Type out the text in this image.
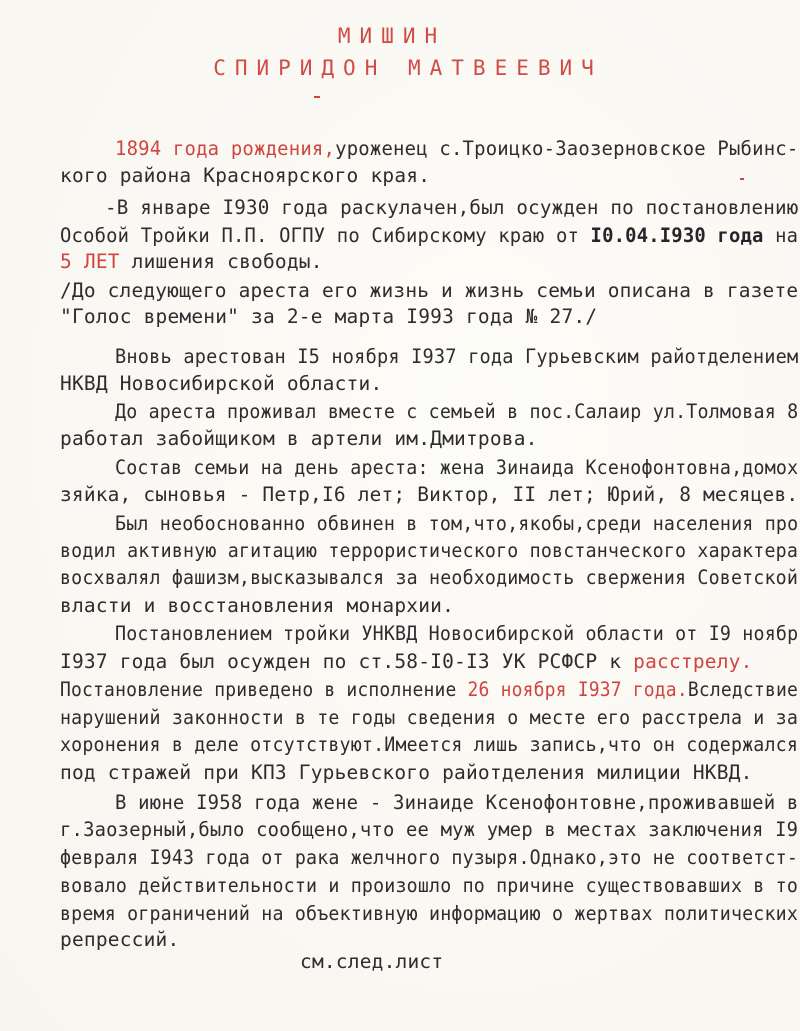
МИШИН
СПИРИДОН МАТВЕЕВИЧ
18⁠94 года рождения,уроженец с.Троицко-Заозерновское Рыбинс-
кого района Красноярского края.
-В январе I930 года раскулачен,был осужден по постановлению
Особой Тройки П.П. ОГПУ по Сибирскому краю от I0.04.I930 года на
5 ЛЕТ лишения свободы.
/До следующего ареста его жизнь и жизнь семьи описана в газете
"Голос времени" за 2-е марта I993 года № 27./
Вновь арестован I5 ноября I937 года Гурьевским райотделением
НКВД Новосибирской области.
До ареста проживал вместе с семьей в пос.Салаир ул.Толмовая 8
работал забойщиком в артели им.Дмитрова.
Состав семьи на день ареста: жена Зинаида Ксенофонтовна,домох
зяйка, сыновья - Петр,I6 лет; Виктор, II лет; Юрий, 8 месяцев.
Был необоснованно обвинен в том,что,якобы,среди населения про
водил активную агитацию террористического повстанческого характера
восхвалял фашизм,высказывался за необходимость свержения Советской
власти и восстановления монархии.
Постановлением тройки УНКВД Новосибирской области от I9 ноябр
I937 года был осужден по ст.58-I0-I3 УК РСФСР к расстрелу.
Постановление приведено в исполнение 26 ноября I937 года.Вследствие
нарушений законности в те годы сведения о месте его расстрела и за
хоронения в деле отсутствуют.Имеется лишь запись,что он содержался
под стражей при КПЗ Гурьевского райотделения милиции НКВД.
В июне I958 года жене - Зинаиде Ксенофонтовне,проживавшей в
г.Заозерный,было сообщено,что ее муж умер в местах заключения I9
февраля I943 года от рака желчного пузыря.Однако,это не соответст-
вовало действительности и произошло по причине существовавших в то
время ограничений на объективную информацию о жертвах политических
репрессий.
см.след.лист
